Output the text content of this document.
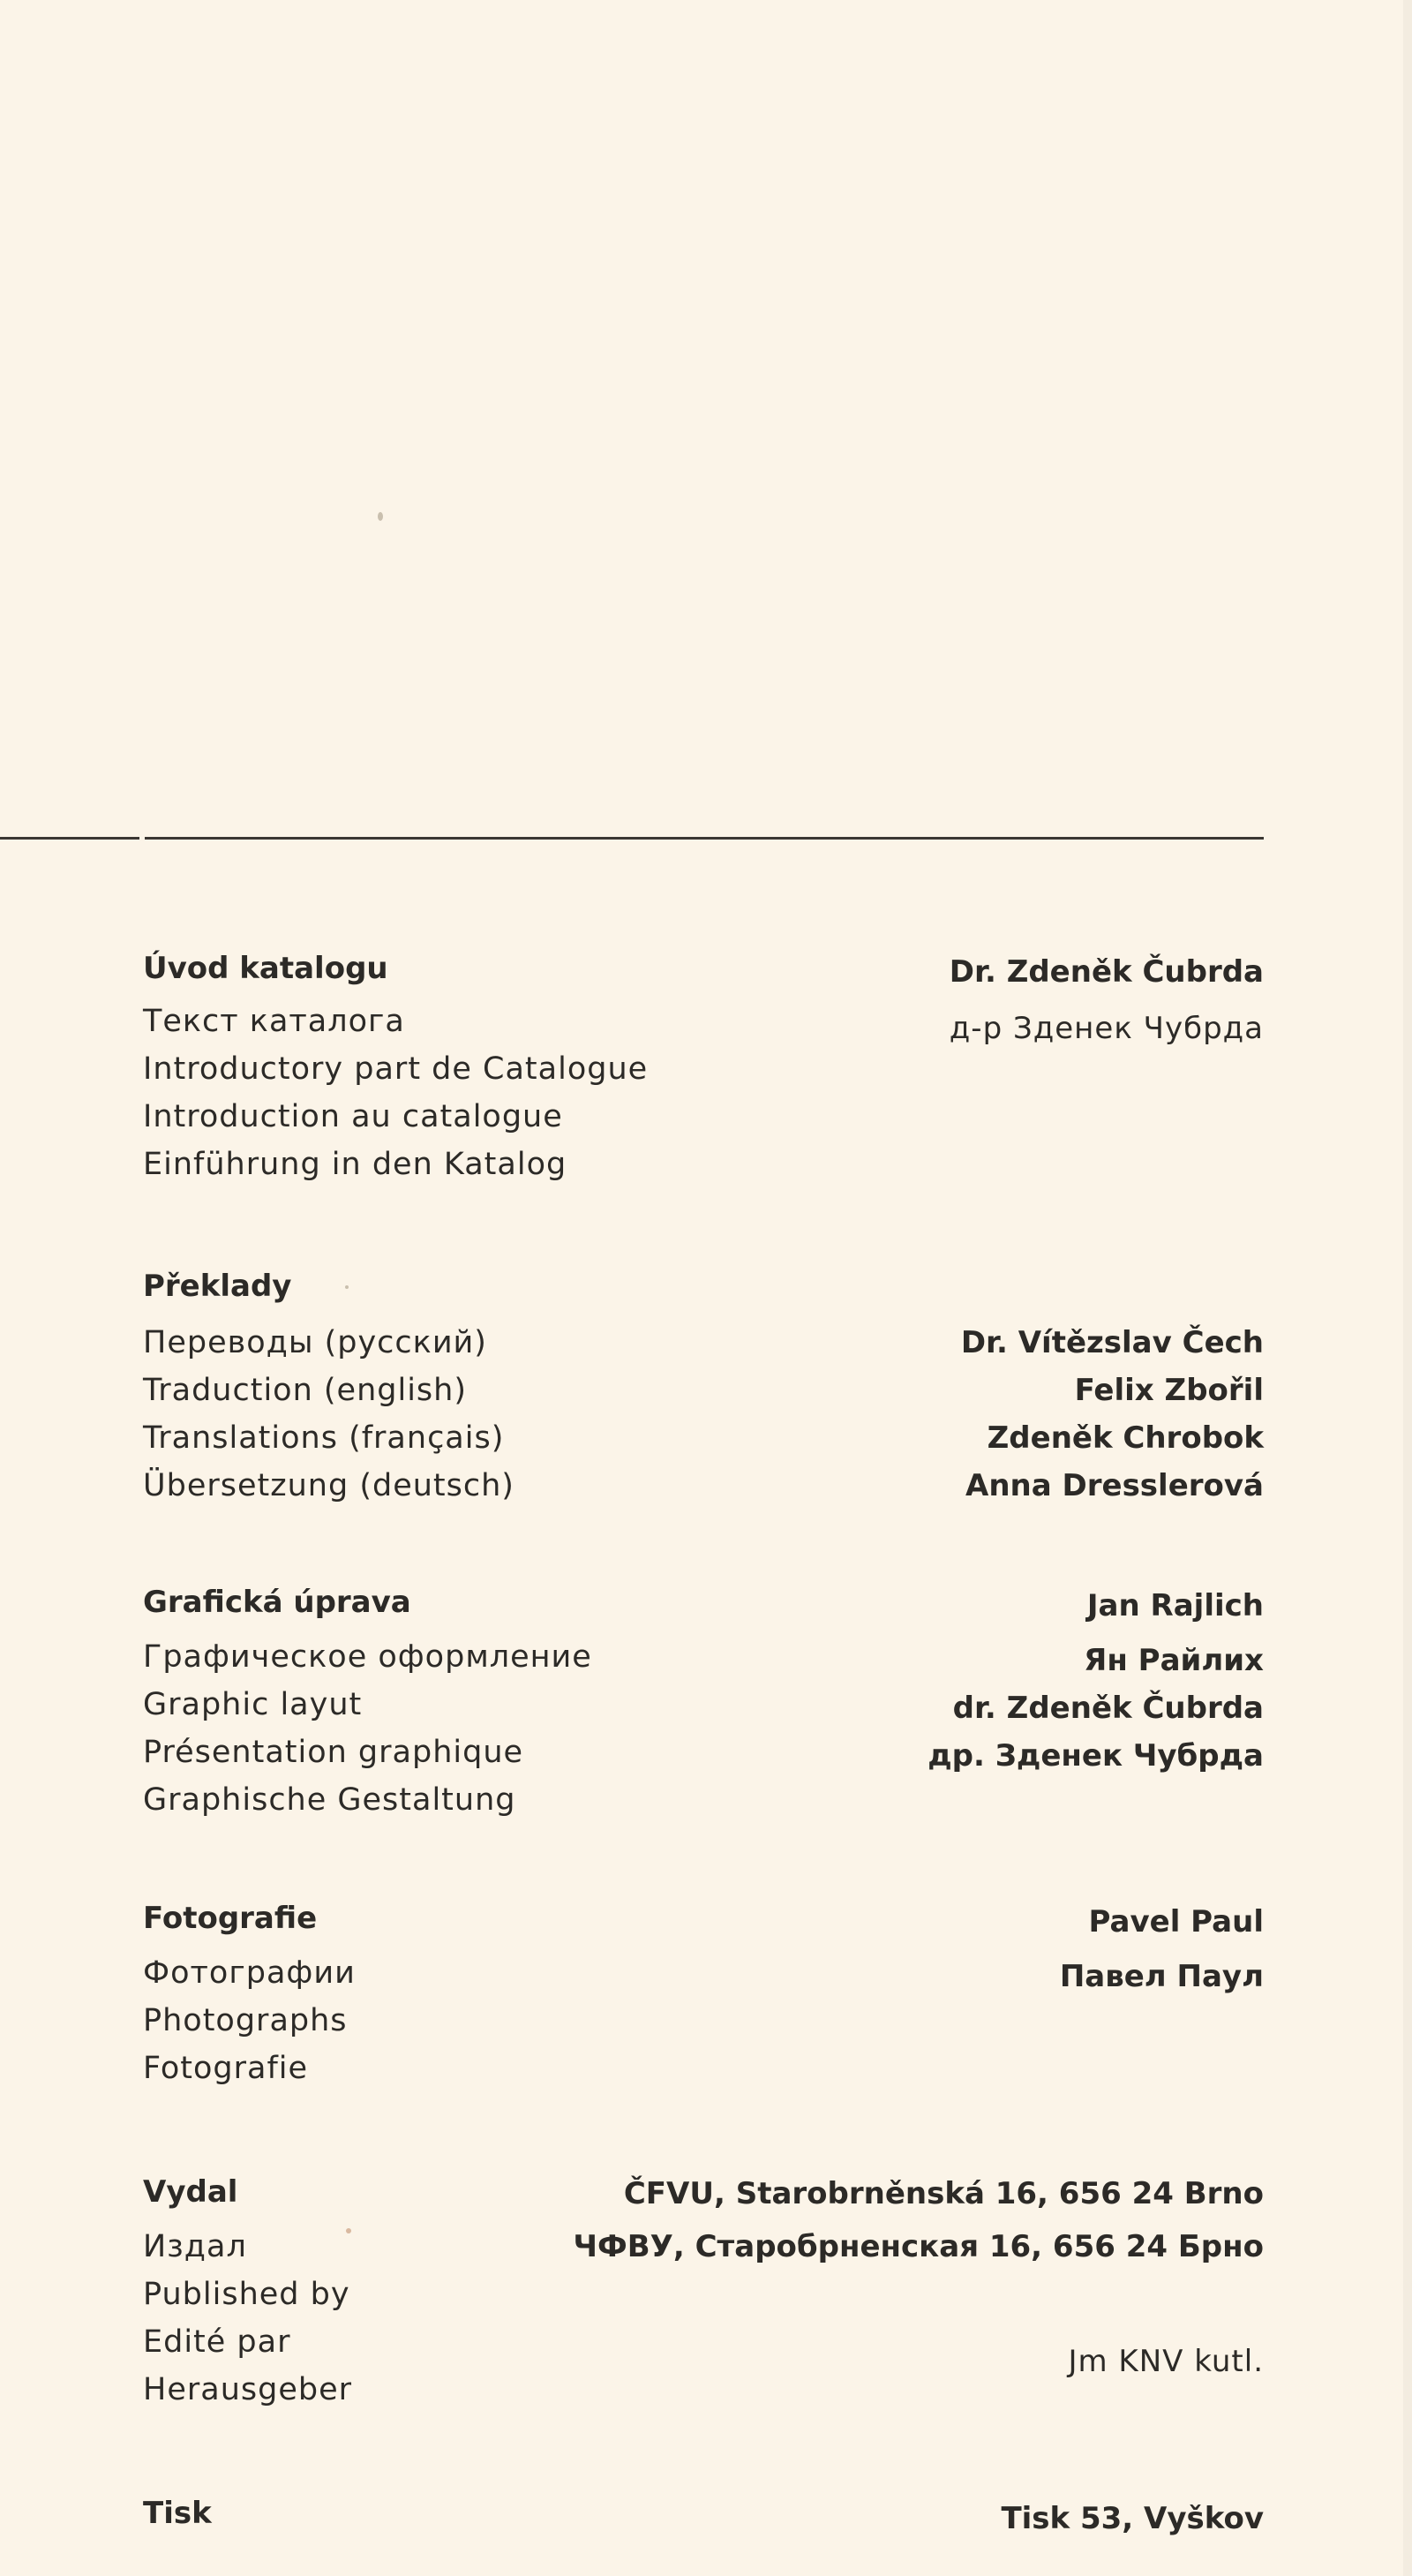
Úvod katalogu
Текст каталога
Introductory part de Catalogue
Introduction au catalogue
Einführung in den Katalog
Dr. Zdeněk Čubrda
д-р Зденек Чубрда
Překlady
Переводы (русский)
Traduction (english)
Translations (français)
Übersetzung (deutsch)
Dr. Vítězslav Čech
Felix Zbořil
Zdeněk Chrobok
Anna Dresslerová
Grafická úprava
Графическое оформление
Graphic layut
Présentation graphique
Graphische Gestaltung
Jan Rajlich
Ян Райлих
dr. Zdeněk Čubrda
др. Зденек Чубрда
Fotografie
Фотографии
Photographs
Fotografie
Pavel Paul
Павел Паул
Vydal
Издал
Published by
Edité par
Herausgeber
ČFVU, Starobrněnská 16, 656 24 Brno
ЧФВУ, Старобрненская 16, 656 24 Брно
Jm KNV kutl.
Tisk	Tisk 53, Vyškov
